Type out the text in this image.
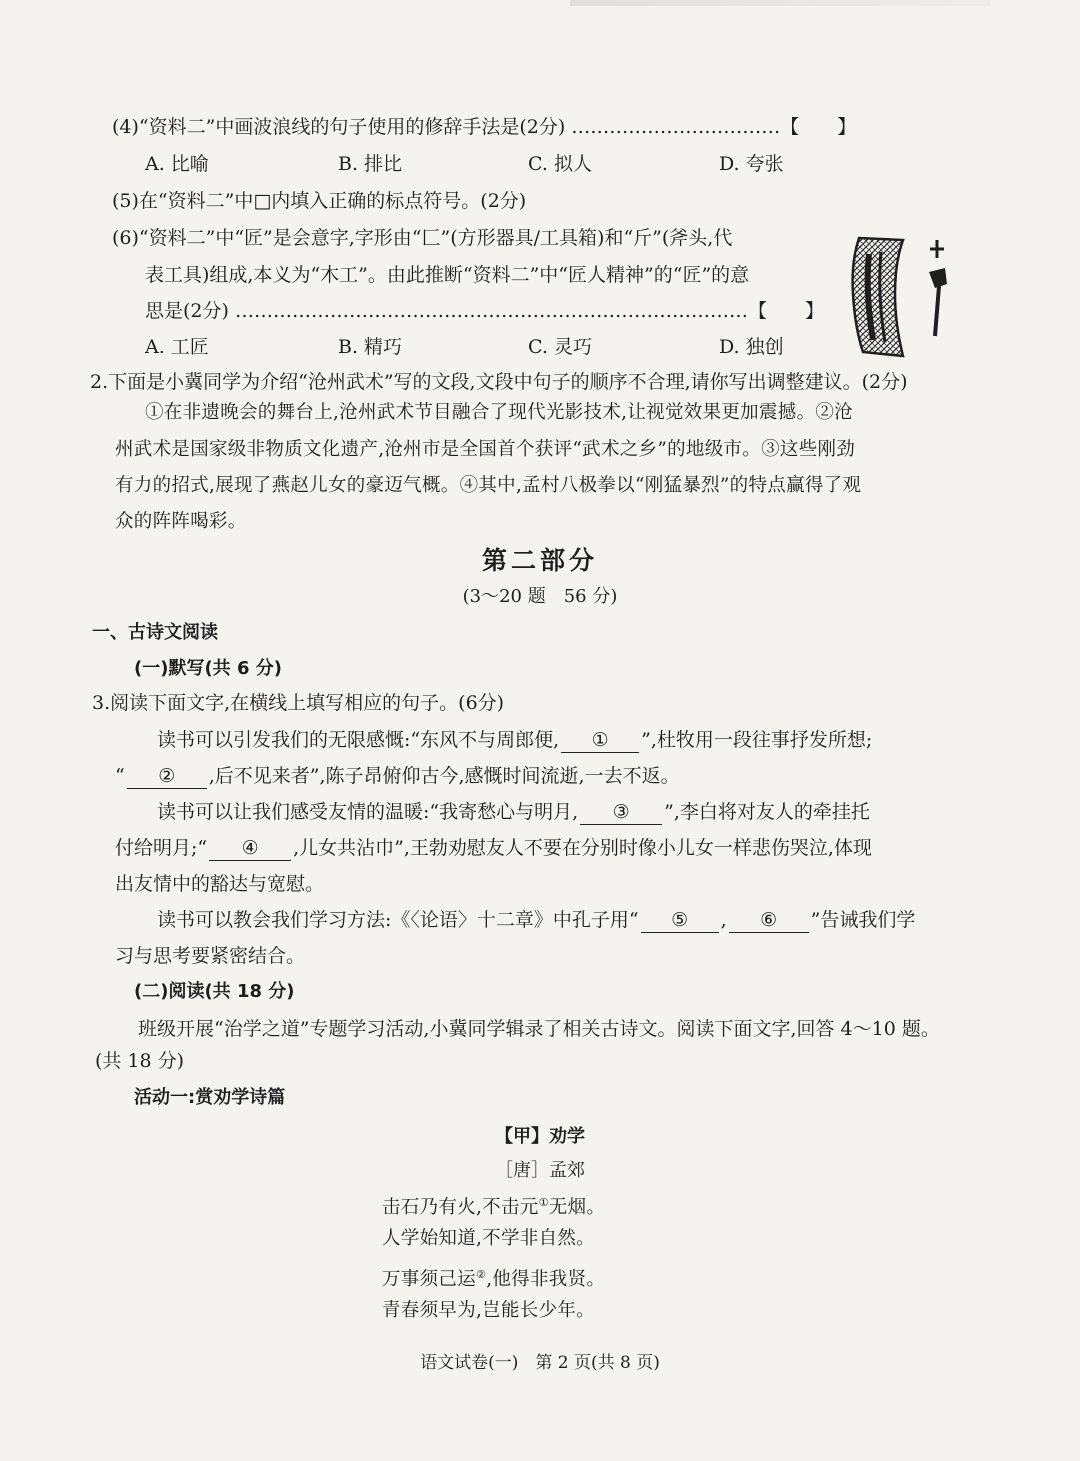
(4)“资料二”中画波浪线的句子使用的修辞手法是(2分) ……………………………【　　】
A. 比喻	B. 排比	C. 拟人	D. 夸张
(5)在“资料二”中□内填入正确的标点符号。(2分)
(6)“资料二”中“匠”是会意字,字形由“匚”(方形器具/工具箱)和“斤”(斧头,代
表工具)组成,本义为“木工”。由此推断“资料二”中“匠人精神”的“匠”的意
思是(2分) ………………………………………………………………………【　　】
A. 工匠	B. 精巧	C. 灵巧	D. 独创
2.下面是小冀同学为介绍“沧州武术”写的文段,文段中句子的顺序不合理,请你写出调整建议。(2分)
①在非遗晚会的舞台上,沧州武术节目融合了现代光影技术,让视觉效果更加震撼。②沧
州武术是国家级非物质文化遗产,沧州市是全国首个获评“武术之乡”的地级市。③这些刚劲
有力的招式,展现了燕赵儿女的豪迈气概。④其中,孟村八极拳以“刚猛暴烈”的特点赢得了观
众的阵阵喝彩。
第二部分
(3～20 题　56 分)
一、古诗文阅读
(一)默写(共 6 分)
3.阅读下面文字,在横线上填写相应的句子。(6分)
读书可以引发我们的无限感慨:“东风不与周郎便, ① ”,杜牧用一段往事抒发所想;
“ ② ,后不见来者”,陈子昂俯仰古今,感慨时间流逝,一去不返。
读书可以让我们感受友情的温暖:“我寄愁心与明月, ③ ”,李白将对友人的牵挂托
付给明月;“ ④ ,儿女共沾巾”,王勃劝慰友人不要在分别时像小儿女一样悲伤哭泣,体现
出友情中的豁达与宽慰。
读书可以教会我们学习方法:《〈论语〉十二章》中孔子用“ ⑤ , ⑥ ”告诫我们学
习与思考要紧密结合。
(二)阅读(共 18 分)
班级开展“治学之道”专题学习活动,小冀同学辑录了相关古诗文。阅读下面文字,回答 4～10 题。
(共 18 分)
活动一:赏劝学诗篇
【甲】劝学
［唐］孟郊
击石乃有火,不击元①无烟。
人学始知道,不学非自然。
万事须己运②,他得非我贤。
青春须早为,岂能长少年。
语文试卷(一)　第 2 页(共 8 页)
